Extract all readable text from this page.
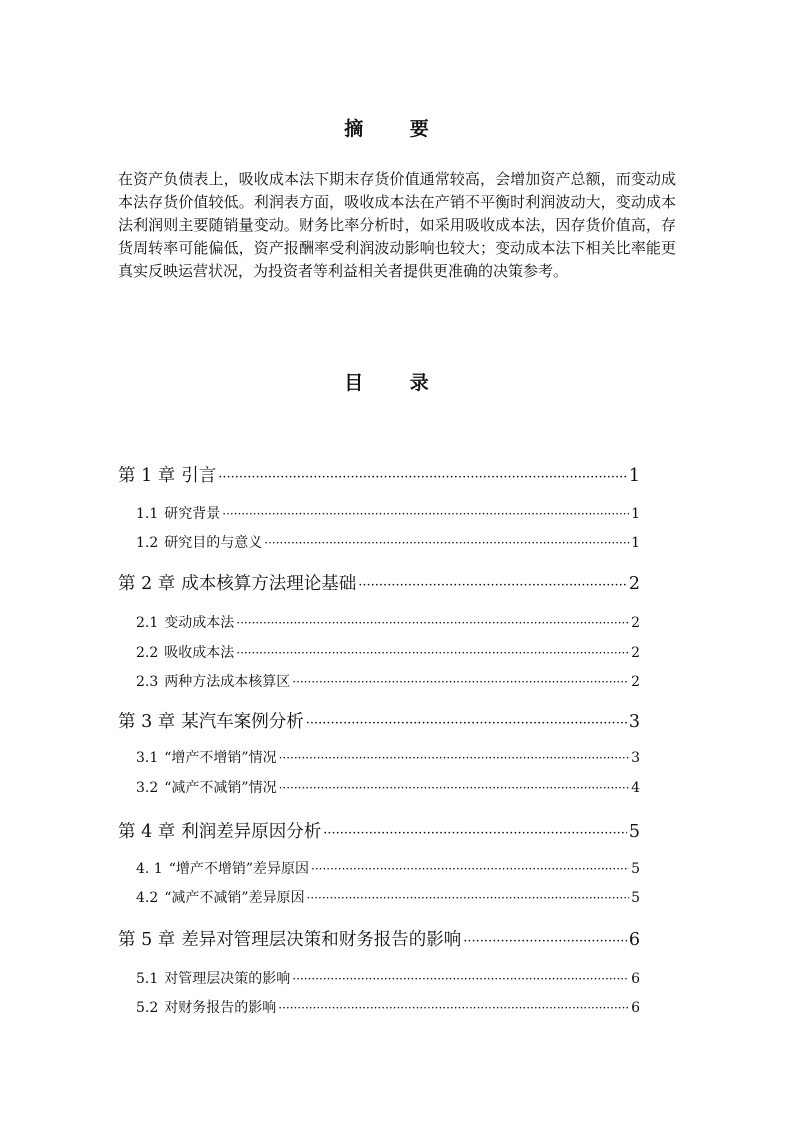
摘 要

在资产负债表上，吸收成本法下期末存货价值通常较高，会增加资产总额，而变动成本法存货价值较低。利润表方面，吸收成本法在产销不平衡时利润波动大，变动成本法利润则主要随销量变动。财务比率分析时，如采用吸收成本法，因存货价值高，存货周转率可能偏低，资产报酬率受利润波动影响也较大；变动成本法下相关比率能更真实反映运营状况，为投资者等利益相关者提供更准确的决策参考。

目 录
第 1 章 引言 ·····	1
1.1 研究背景 ·····	1
1.2 研究目的与意义 ·····	1
第 2 章 成本核算方法理论基础 ·····	2
2.1 变动成本法 ·····	2
2.2 吸收成本法 ·····	2
2.3 两种方法成本核算区 ·····	2
第 3 章 某汽车案例分析 ·····	3
3.1 “增产不增销”情况 ·····	3
3.2 “减产不减销”情况 ·····	4
第 4 章 利润差异原因分析 ·····	5
4. 1 “增产不增销”差异原因 ·····	5
4.2 “减产不减销”差异原因 ·····	5
第 5 章 差异对管理层决策和财务报告的影响 ·····	6
5.1 对管理层决策的影响 ·····	6
5.2 对财务报告的影响 ·····	6
